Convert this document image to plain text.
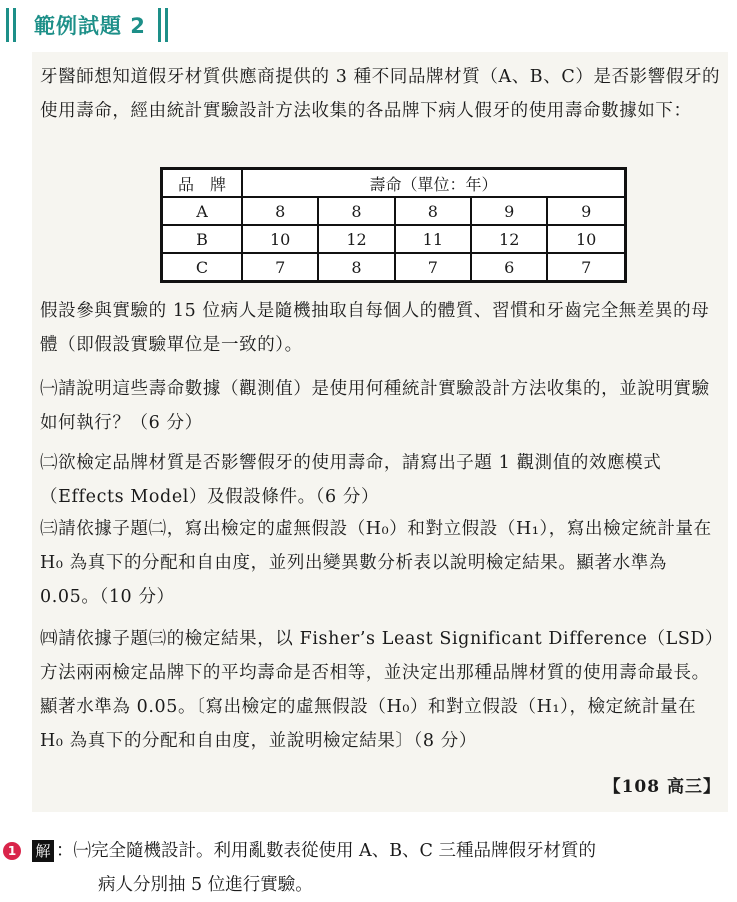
範例試題 2
牙醫師想知道假牙材質供應商提供的 3 種不同品牌材質（A、B、C）是否影響假牙的使用壽命，經由統計實驗設計方法收集的各品牌下病人假牙的使用壽命數據如下：
品　牌	壽命（單位：年）				
A	8	8	8	9	9
B	10	12	11	12	10
C	7	8	7	6	7
假設參與實驗的 15 位病人是隨機抽取自每個人的體質、習慣和牙齒完全無差異的母體（即假設實驗單位是一致的）。
㈠請說明這些壽命數據（觀測值）是使用何種統計實驗設計方法收集的，並說明實驗如何執行？（6 分）
㈡欲檢定品牌材質是否影響假牙的使用壽命，請寫出子題 1 觀測值的效應模式（Effects Model）及假設條件。（6 分）
㈢請依據子題㈡，寫出檢定的虛無假設（H₀）和對立假設（H₁），寫出檢定統計量在 H₀ 為真下的分配和自由度，並列出變異數分析表以說明檢定結果。顯著水準為 0.05。（10 分）
㈣請依據子題㈢的檢定結果，以 Fisher’s Least Significant Difference（LSD）方法兩兩檢定品牌下的平均壽命是否相等，並決定出那種品牌材質的使用壽命最長。顯著水準為 0.05。〔寫出檢定的虛無假設（H₀）和對立假設（H₁），檢定統計量在 H₀ 為真下的分配和自由度，並說明檢定結果〕（8 分）
【108 高三】
1	解 ：㈠完全隨機設計。利用亂數表從使用 A、B、C 三種品牌假牙材質的
病人分別抽 5 位進行實驗。
